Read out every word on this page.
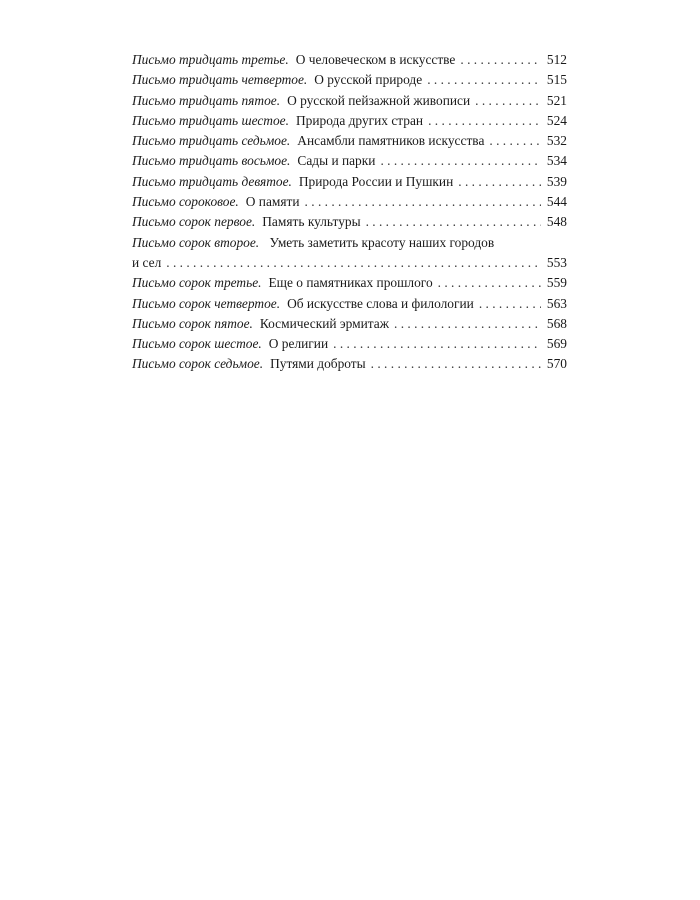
Письмо тридцать третье. О человеческом в искусстве . . .	512
Письмо тридцать четвертое. О русской природе . . .	515
Письмо тридцать пятое. О русской пейзажной живописи . . .	521
Письмо тридцать шестое. Природа других стран . . .	524
Письмо тридцать седьмое. Ансамбли памятников искусства . . .	532
Письмо тридцать восьмое. Сады и парки . . .	534
Письмо тридцать девятое. Природа России и Пушкин . . .	539
Письмо сороковое. О памяти . . .	544
Письмо сорок первое. Память культуры . . .	548
Письмо сорок второе. Уметь заметить красоту наших городов
и сел . . .	553
Письмо сорок третье. Еще о памятниках прошлого . . .	559
Письмо сорок четвертое. Об искусстве слова и филологии . . .	563
Письмо сорок пятое. Космический эрмитаж . . .	568
Письмо сорок шестое. О религии . . .	569
Письмо сорок седьмое. Путями доброты . . .	570
